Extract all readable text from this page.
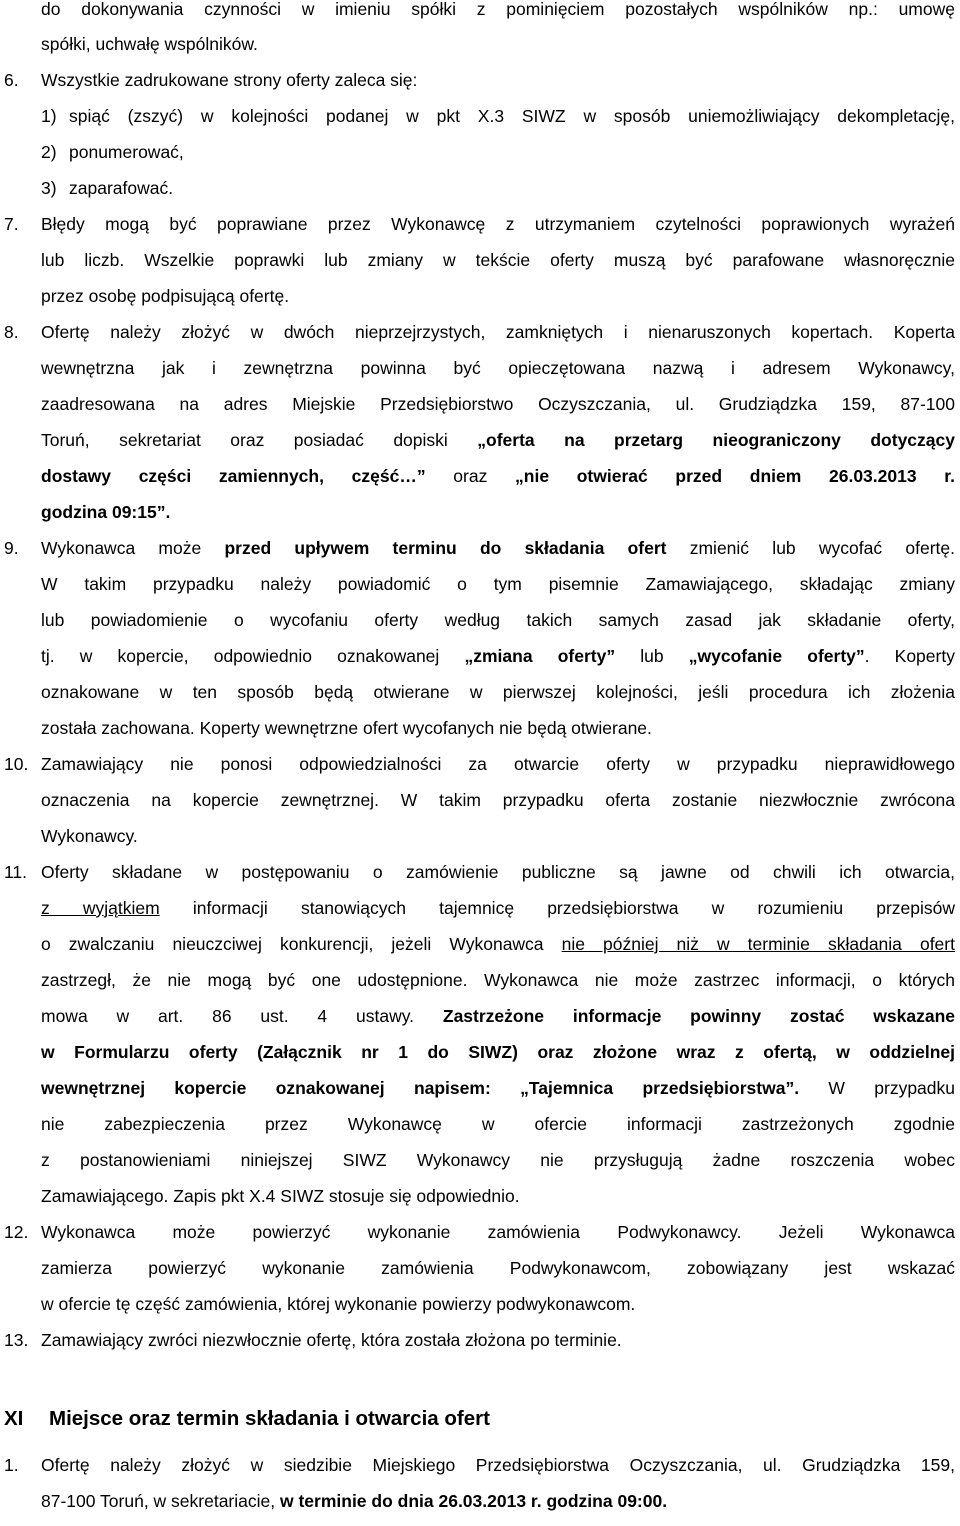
do dokonywania czynności w imieniu spółki z pominięciem pozostałych wspólników np.: umowę
spółki, uchwałę wspólników.
6. Wszystkie zadrukowane strony oferty zaleca się:
1) spiąć (zszyć) w kolejności podanej w pkt X.3 SIWZ w sposób uniemożliwiający dekompletację,
2) ponumerować,
3) zaparafować.
7. Błędy mogą być poprawiane przez Wykonawcę z utrzymaniem czytelności poprawionych wyrażeń
lub liczb. Wszelkie poprawki lub zmiany w tekście oferty muszą być parafowane własnoręcznie
przez osobę podpisującą ofertę.
8. Ofertę należy złożyć w dwóch nieprzejrzystych, zamkniętych i nienaruszonych kopertach. Koperta
wewnętrzna jak i zewnętrzna powinna być opieczętowana nazwą i adresem Wykonawcy,
zaadresowana na adres Miejskie Przedsiębiorstwo Oczyszczania, ul. Grudziądzka 159, 87-100
Toruń, sekretariat oraz posiadać dopiski „oferta na przetarg nieograniczony dotyczący
dostawy części zamiennych, część…” oraz „nie otwierać przed dniem 26.03.2013 r.
godzina 09:15”.
9. Wykonawca może przed upływem terminu do składania ofert zmienić lub wycofać ofertę.
W takim przypadku należy powiadomić o tym pisemnie Zamawiającego, składając zmiany
lub powiadomienie o wycofaniu oferty według takich samych zasad jak składanie oferty,
tj. w kopercie, odpowiednio oznakowanej „zmiana oferty” lub „wycofanie oferty”. Koperty
oznakowane w ten sposób będą otwierane w pierwszej kolejności, jeśli procedura ich złożenia
została zachowana. Koperty wewnętrzne ofert wycofanych nie będą otwierane.
10. Zamawiający nie ponosi odpowiedzialności za otwarcie oferty w przypadku nieprawidłowego
oznaczenia na kopercie zewnętrznej. W takim przypadku oferta zostanie niezwłocznie zwrócona
Wykonawcy.
11. Oferty składane w postępowaniu o zamówienie publiczne są jawne od chwili ich otwarcia,
z wyjątkiem informacji stanowiących tajemnicę przedsiębiorstwa w rozumieniu przepisów
o zwalczaniu nieuczciwej konkurencji, jeżeli Wykonawca nie później niż w terminie składania ofert
zastrzegł, że nie mogą być one udostępnione. Wykonawca nie może zastrzec informacji, o których
mowa w art. 86 ust. 4 ustawy. Zastrzeżone informacje powinny zostać wskazane
w Formularzu oferty (Załącznik nr 1 do SIWZ) oraz złożone wraz z ofertą, w oddzielnej
wewnętrznej kopercie oznakowanej napisem: „Tajemnica przedsiębiorstwa”. W przypadku
nie zabezpieczenia przez Wykonawcę w ofercie informacji zastrzeżonych zgodnie
z postanowieniami niniejszej SIWZ Wykonawcy nie przysługują żadne roszczenia wobec
Zamawiającego. Zapis pkt X.4 SIWZ stosuje się odpowiednio.
12. Wykonawca może powierzyć wykonanie zamówienia Podwykonawcy. Jeżeli Wykonawca
zamierza powierzyć wykonanie zamówienia Podwykonawcom, zobowiązany jest wskazać
w ofercie tę część zamówienia, której wykonanie powierzy podwykonawcom.
13. Zamawiający zwróci niezwłocznie ofertę, która została złożona po terminie.
XI Miejsce oraz termin składania i otwarcia ofert
1. Ofertę należy złożyć w siedzibie Miejskiego Przedsiębiorstwa Oczyszczania, ul. Grudziądzka 159,
87-100 Toruń, w sekretariacie, w terminie do dnia 26.03.2013 r. godzina 09:00.
